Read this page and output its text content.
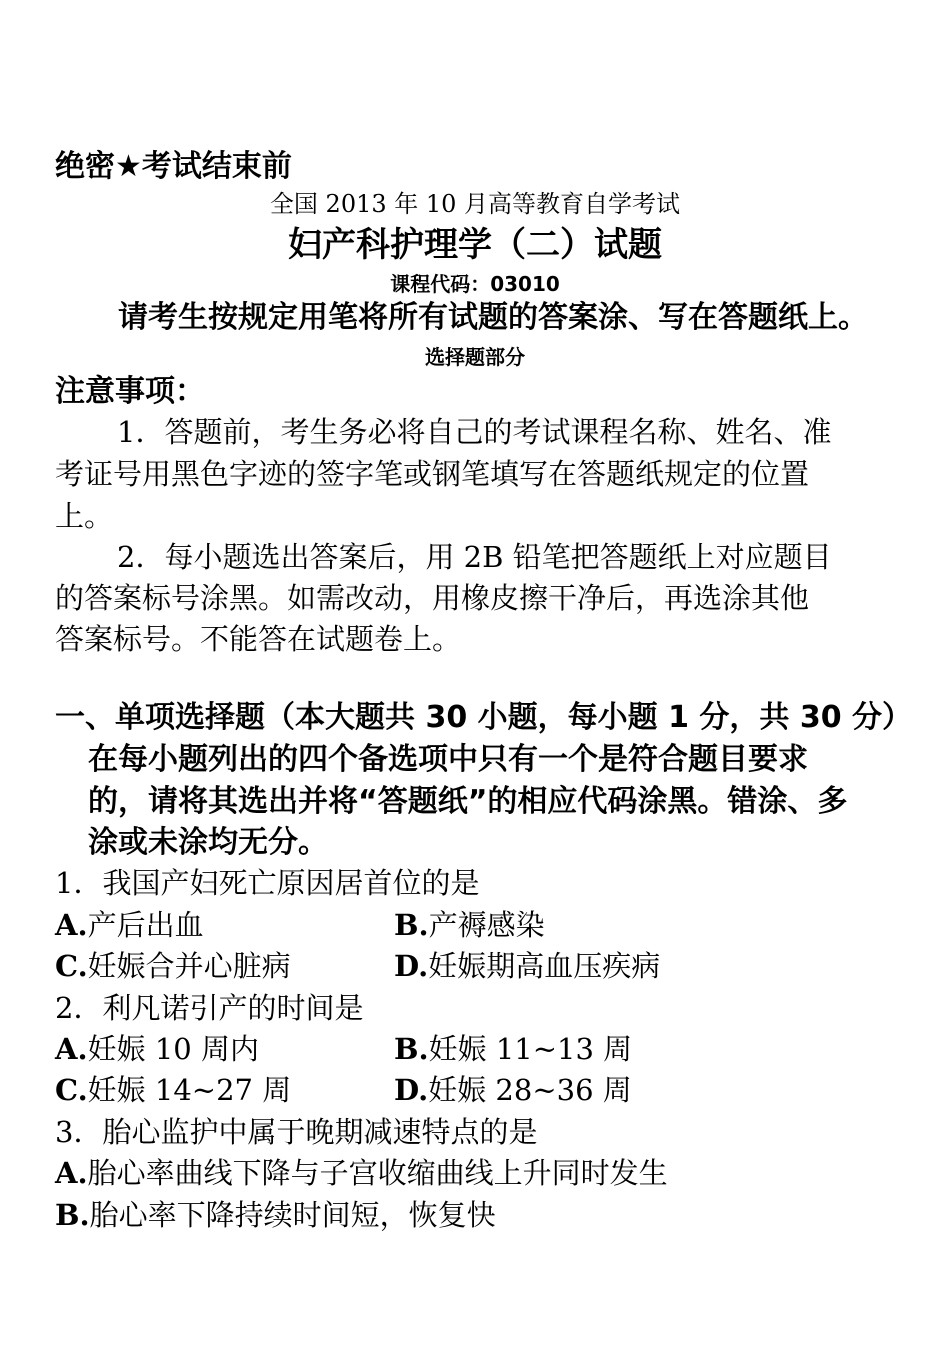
绝密★考试结束前
全国 2013 年 10 月高等教育自学考试
妇产科护理学（二）试题
课程代码：03010
请考生按规定用笔将所有试题的答案涂、写在答题纸上。
选择题部分
注意事项：
1．答题前，考生务必将自己的考试课程名称、姓名、准
考证号用黑色字迹的签字笔或钢笔填写在答题纸规定的位置
上。
2．每小题选出答案后，用 2B 铅笔把答题纸上对应题目
的答案标号涂黑。如需改动，用橡皮擦干净后，再选涂其他
答案标号。不能答在试题卷上。
一、单项选择题（本大题共 30 小题，每小题 1 分，共 30 分）
在每小题列出的四个备选项中只有一个是符合题目要求
的，请将其选出并将“答题纸”的相应代码涂黑。错涂、多
涂或未涂均无分。
1．我国产妇死亡原因居首位的是
A.产后出血	B.产褥感染
C.妊娠合并心脏病	D.妊娠期高血压疾病
2．利凡诺引产的时间是
A.妊娠 10 周内	B.妊娠 11~13 周
C.妊娠 14~27 周	D.妊娠 28~36 周
3．胎心监护中属于晚期减速特点的是
A.胎心率曲线下降与子宫收缩曲线上升同时发生
B.胎心率下降持续时间短，恢复快
